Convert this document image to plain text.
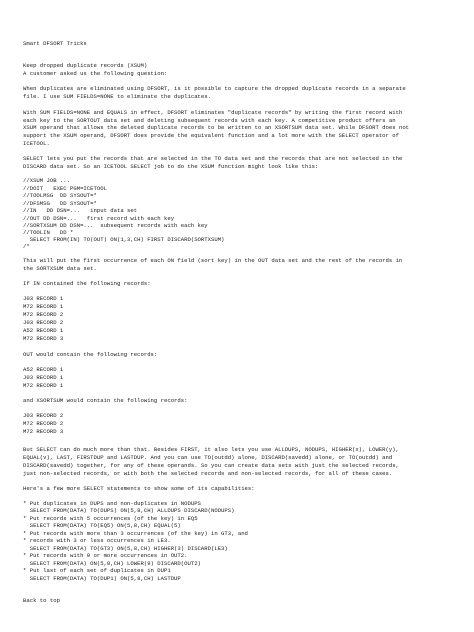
Smart DFSORT Tricks
Keep dropped duplicate records (XSUM)
A customer asked us the following question:
When duplicates are eliminated using DFSORT, is it possible to capture the dropped duplicate records in a separate
file. I use SUM FIELDS=NONE to eliminate the duplicates.
With SUM FIELDS=NONE and EQUALS in effect, DFSORT eliminates "duplicate records" by writing the first record with
each key to the SORTOUT data set and deleting subsequent records with each key. A competitive product offers an
XSUM operand that allows the deleted duplicate records to be written to an XSORTSUM data set. While DFSORT does not
support the XSUM operand, DFSORT does provide the equivalent function and a lot more with the SELECT operator of
ICETOOL.
SELECT lets you put the records that are selected in the TO data set and the records that are not selected in the
DISCARD data set. So an ICETOOL SELECT job to do the XSUM function might look like this:
//XSUM JOB ...
//DOIT   EXEC PGM=ICETOOL
//TOOLMSG  DD SYSOUT=*
//DFSMSG   DD SYSOUT=*
//IN   DD DSN=...   input data set
//OUT DD DSN=...   first record with each key
//SORTXSUM DD DSN=...  subsequent records with each key
//TOOLIN   DD *
SELECT FROM(IN) TO(OUT) ON(1,3,CH) FIRST DISCARD(SORTXSUM)
/*
This will put the first occurrence of each ON field (sort key) in the OUT data set and the rest of the records in
the SORTXSUM data set.
If IN contained the following records:
J03 RECORD 1
M72 RECORD 1
M72 RECORD 2
J03 RECORD 2
A52 RECORD 1
M72 RECORD 3
OUT would contain the following records:
A52 RECORD 1
J03 RECORD 1
M72 RECORD 1
and XSORTSUM would contain the following records:
J03 RECORD 2
M72 RECORD 2
M72 RECORD 3
But SELECT can do much more than that. Besides FIRST, it also lets you use ALLDUPS, NODUPS, HIGHER(x), LOWER(y),
EQUAL(v), LAST, FIRSTDUP and LASTDUP. And you can use TO(outdd) alone, DISCARD(savedd) alone, or TO(outdd) and
DISCARD(savedd) together, for any of these operands. So you can create data sets with just the selected records,
just non-selected records, or with both the selected records and non-selected records, for all of these cases.
Here's a few more SELECT statements to show some of its capabilities:
* Put duplicates in DUPS and non-duplicates in NODUPS
SELECT FROM(DATA) TO(DUPS) ON(5,8,CH) ALLDUPS DISCARD(NODUPS)
* Put records with 5 occurrences (of the key) in EQ5
SELECT FROM(DATA) TO(EQ5) ON(5,8,CH) EQUAL(5)
* Put records with more than 3 occurrences (of the key) in GT3, and
* records with 3 or less occurrences in LE3.
SELECT FROM(DATA) TO(GT3) ON(5,8,CH) HIGHER(3) DISCARD(LE3)
* Put records with 9 or more occurrences in OUT2.
SELECT FROM(DATA) ON(5,8,CH) LOWER(9) DISCARD(OUT2)
* Put last of each set of duplicates in DUP1
SELECT FROM(DATA) TO(DUP1) ON(5,8,CH) LASTDUP
Back to top
